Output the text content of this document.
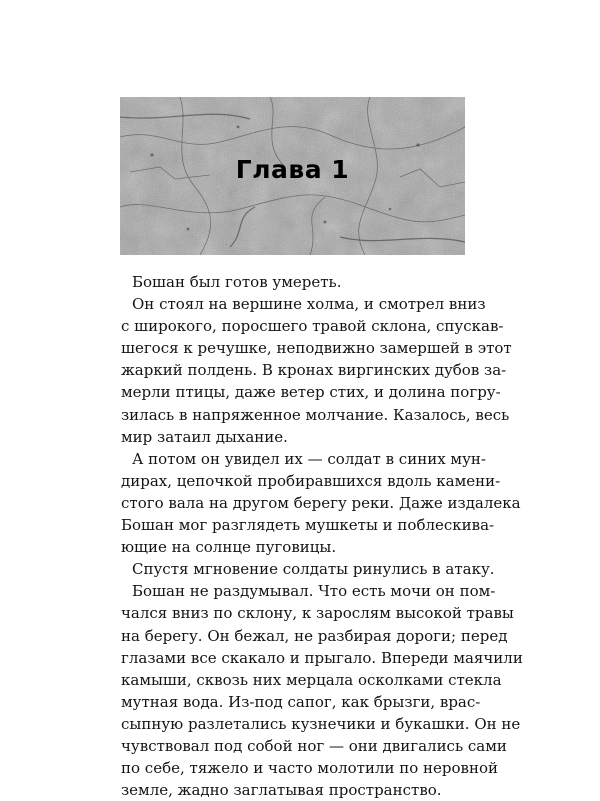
Глава 1
Бошан был готов умереть.
Он стоял на вершине холма, и смотрел вниз
с широкого, поросшего травой склона, спускав-
шегося к речушке, неподвижно замершей в этот
жаркий полдень. В кронах виргинских дубов за-
мерли птицы, даже ветер стих, и долина погру-
зилась в напряженное молчание. Казалось, весь
мир затаил дыхание.
А потом он увидел их — солдат в синих мун-
дирах, цепочкой пробиравшихся вдоль камени-
стого вала на другом берегу реки. Даже издалека
Бошан мог разглядеть мушкеты и поблескива-
ющие на солнце пуговицы.
Спустя мгновение солдаты ринулись в атаку.
Бошан не раздумывал. Что есть мочи он пом-
чался вниз по склону, к зарослям высокой травы
на берегу. Он бежал, не разбирая дороги; перед
глазами все скакало и прыгало. Впереди маячили
камыши, сквозь них мерцала осколками стекла
мутная вода. Из-под сапог, как брызги, врас-
сыпную разлетались кузнечики и букашки. Он не
чувствовал под собой ног — они двигались сами
по себе, тяжело и часто молотили по неровной
земле, жадно заглатывая пространство.
